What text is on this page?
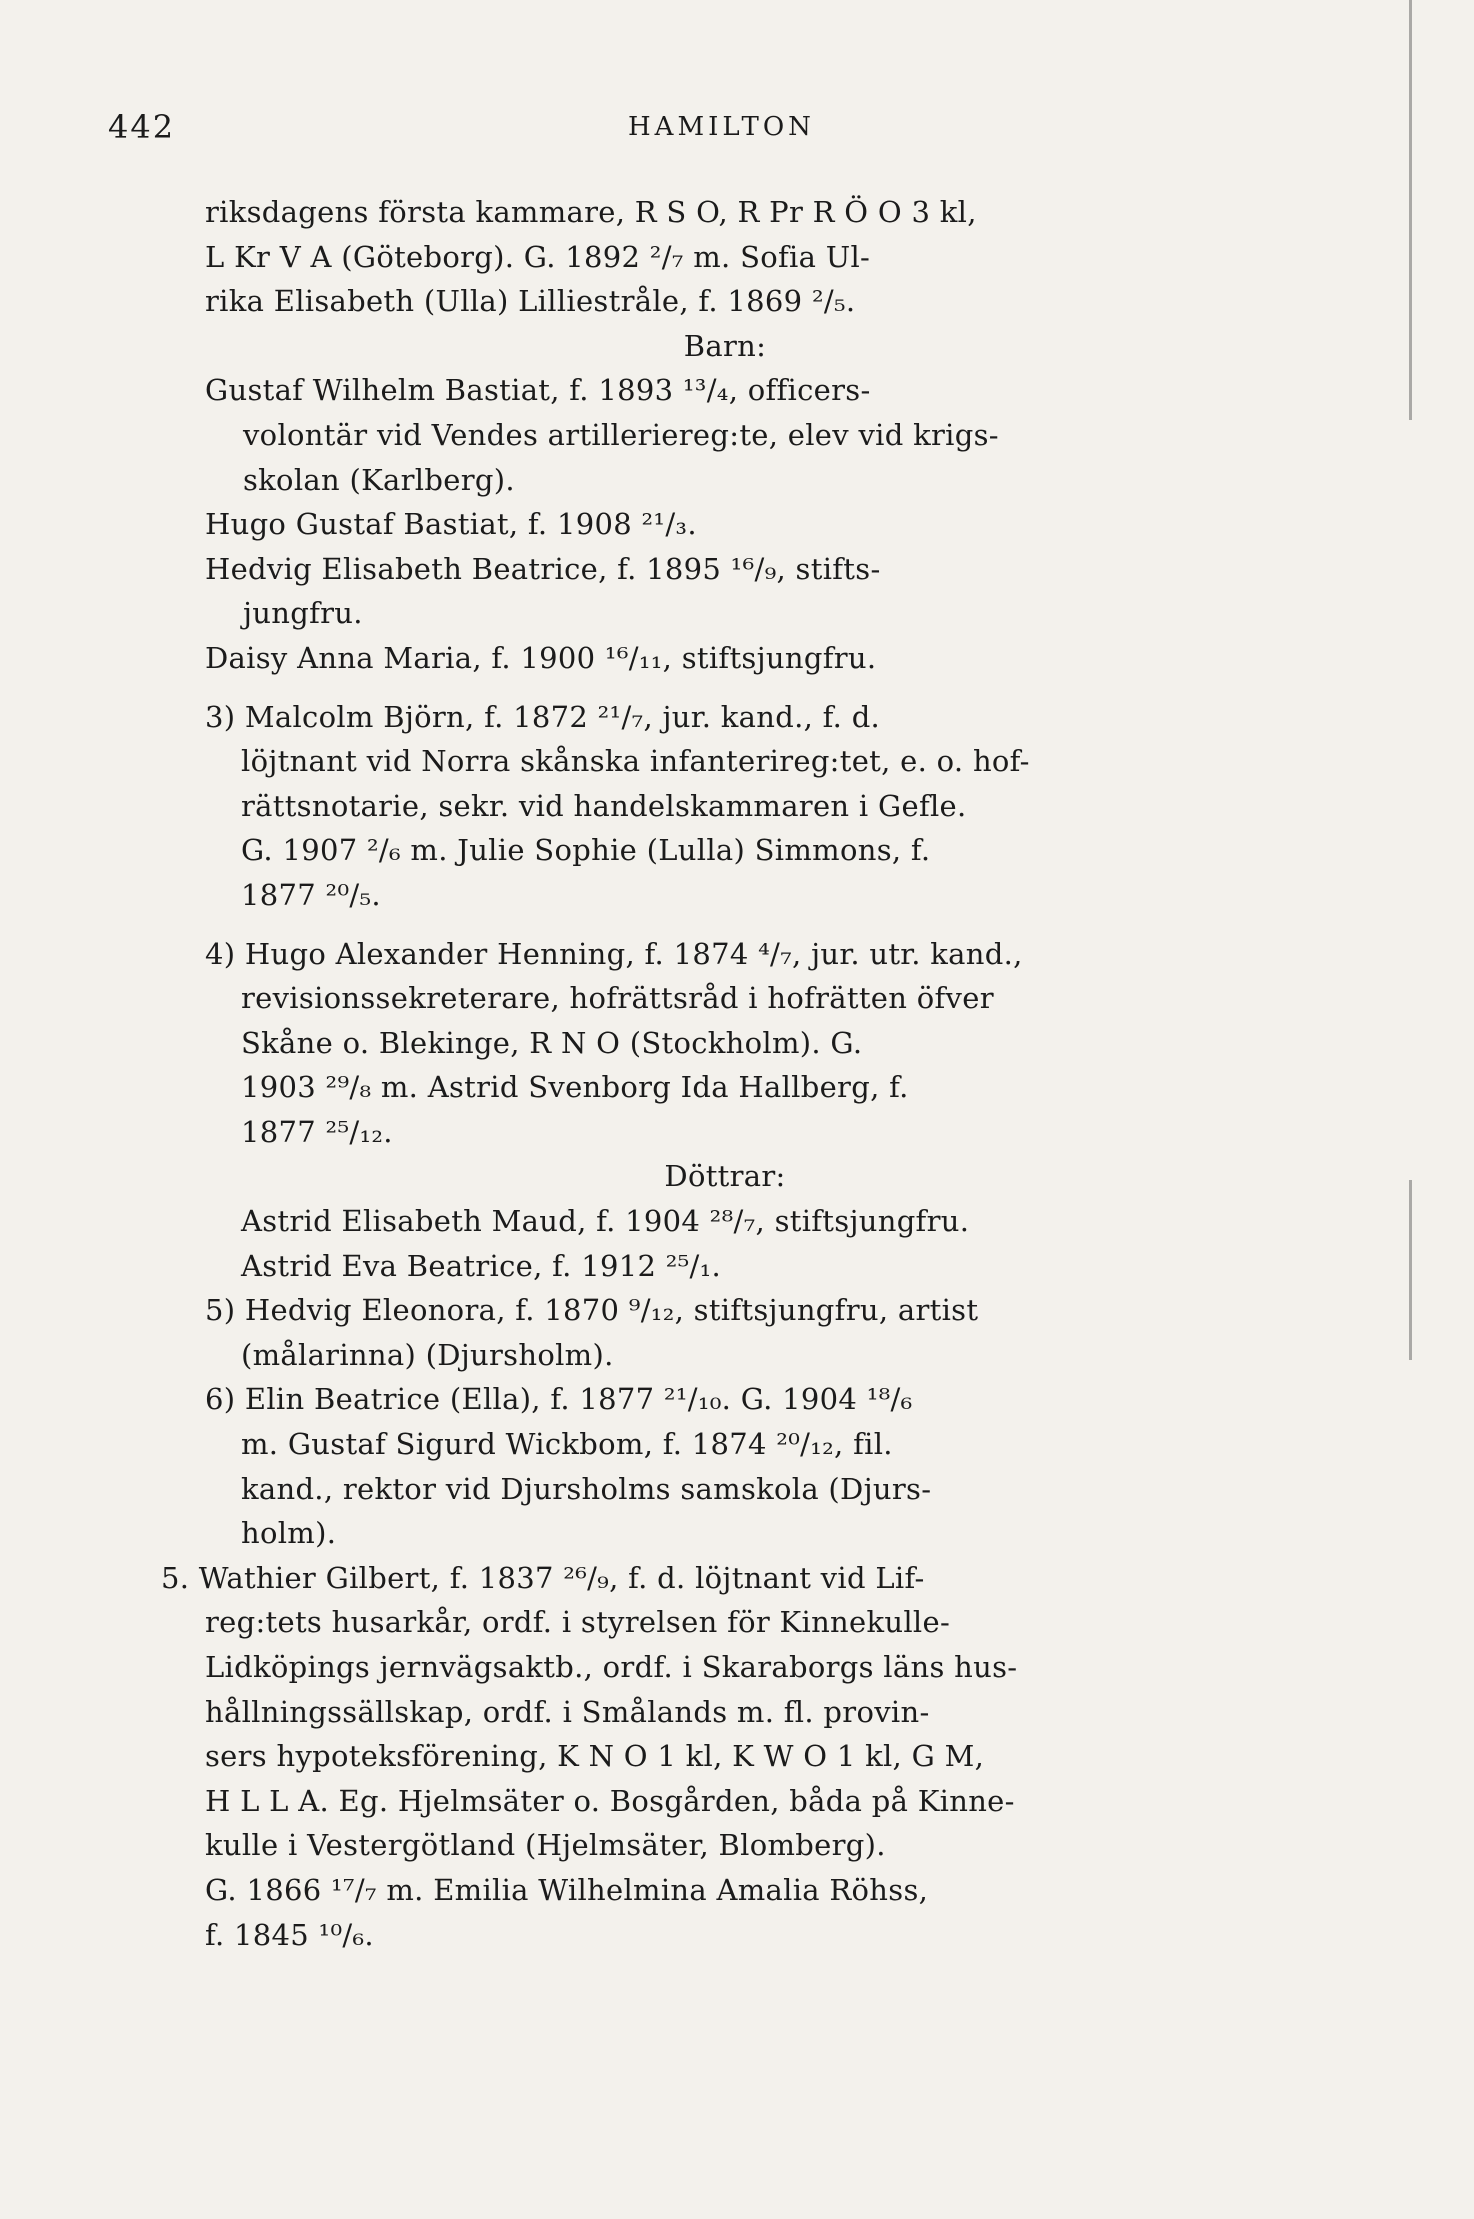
442	HAMILTON
riksdagens första kammare, R S O, R Pr R Ö O 3 kl,
L Kr V A (Göteborg). G. 1892 ²/₇ m. Sofia Ul-
rika Elisabeth (Ulla) Lilliestråle, f. 1869 ²/₅.
Barn:
Gustaf Wilhelm Bastiat, f. 1893 ¹³/₄, officers-
volontär vid Vendes artilleriereg:te, elev vid krigs-
skolan (Karlberg).
Hugo Gustaf Bastiat, f. 1908 ²¹/₃.
Hedvig Elisabeth Beatrice, f. 1895 ¹⁶/₉, stifts-
jungfru.
Daisy Anna Maria, f. 1900 ¹⁶/₁₁, stiftsjungfru.
3) Malcolm Björn, f. 1872 ²¹/₇, jur. kand., f. d.
löjtnant vid Norra skånska infanterireg:tet, e. o. hof-
rättsnotarie, sekr. vid handelskammaren i Gefle.
G. 1907 ²/₆ m. Julie Sophie (Lulla) Simmons, f.
1877 ²⁰/₅.
4) Hugo Alexander Henning, f. 1874 ⁴/₇, jur. utr. kand.,
revisionssekreterare, hofrättsråd i hofrätten öfver
Skåne o. Blekinge, R N O (Stockholm). G.
1903 ²⁹/₈ m. Astrid Svenborg Ida Hallberg, f.
1877 ²⁵/₁₂.
Döttrar:
Astrid Elisabeth Maud, f. 1904 ²⁸/₇, stiftsjungfru.
Astrid Eva Beatrice, f. 1912 ²⁵/₁.
5) Hedvig Eleonora, f. 1870 ⁹/₁₂, stiftsjungfru, artist
(målarinna) (Djursholm).
6) Elin Beatrice (Ella), f. 1877 ²¹/₁₀. G. 1904 ¹⁸/₆
m. Gustaf Sigurd Wickbom, f. 1874 ²⁰/₁₂, fil.
kand., rektor vid Djursholms samskola (Djurs-
holm).
5. Wathier Gilbert, f. 1837 ²⁶/₉, f. d. löjtnant vid Lif-
reg:tets husarkår, ordf. i styrelsen för Kinnekulle-
Lidköpings jernvägsaktb., ordf. i Skaraborgs läns hus-
hållningssällskap, ordf. i Smålands m. fl. provin-
sers hypoteksförening, K N O 1 kl, K W O 1 kl, G M,
H L L A. Eg. Hjelmsäter o. Bosgården, båda på Kinne-
kulle i Vestergötland (Hjelmsäter, Blomberg).
G. 1866 ¹⁷/₇ m. Emilia Wilhelmina Amalia Röhss,
f. 1845 ¹⁰/₆.
